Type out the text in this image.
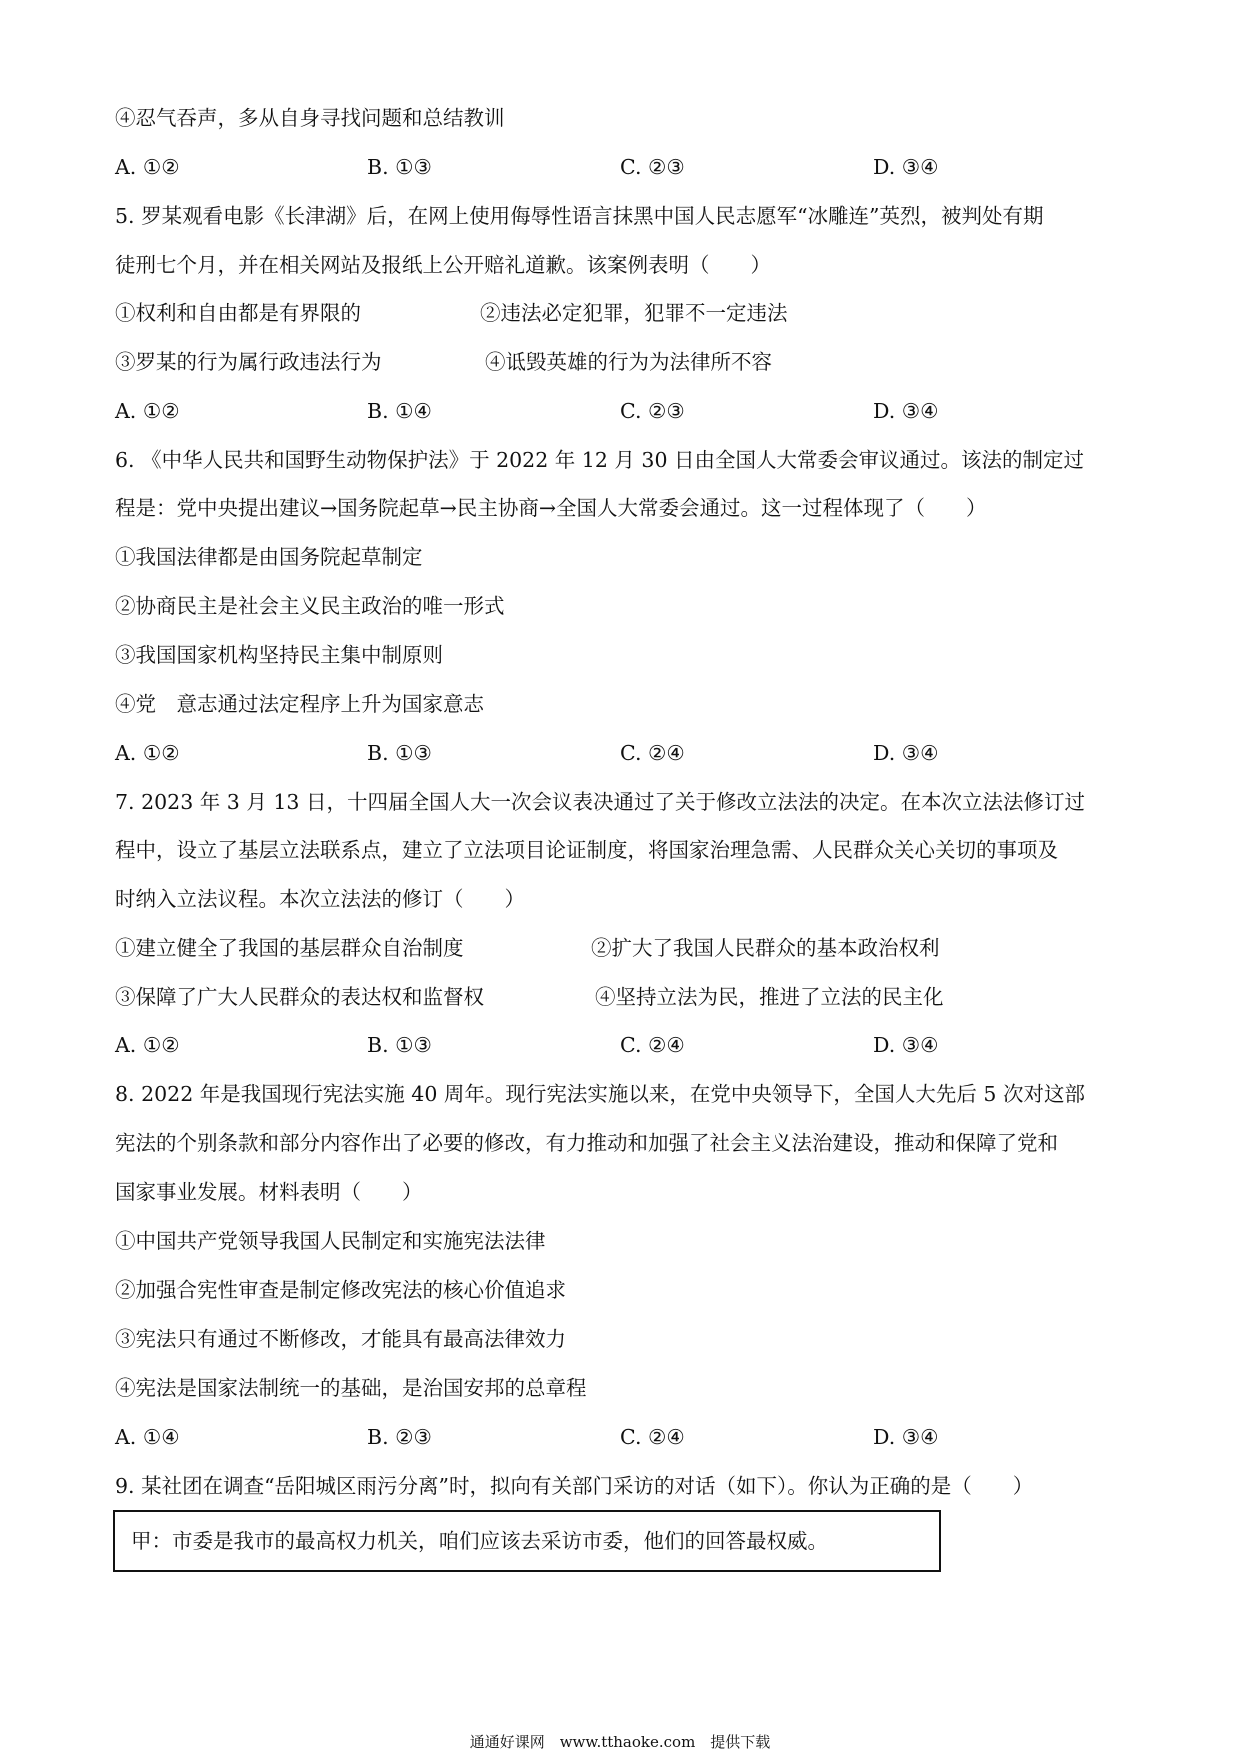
④忍气吞声，多从自身寻找问题和总结教训
A. ①②	B. ①③	C. ②③	D. ③④
5. 罗某观看电影《长津湖》后，在网上使用侮辱性语言抹黑中国人民志愿军“冰雕连”英烈，被判处有期
徒刑七个月，并在相关网站及报纸上公开赔礼道歉。该案例表明（　　）
①权利和自由都是有界限的	②违法必定犯罪，犯罪不一定违法
③罗某的行为属行政违法行为	④诋毁英雄的行为为法律所不容
A. ①②	B. ①④	C. ②③	D. ③④
6. 《中华人民共和国野生动物保护法》于 2022 年 12 月 30 日由全国人大常委会审议通过。该法的制定过
程是：党中央提出建议→国务院起草→民主协商→全国人大常委会通过。这一过程体现了（　　）
①我国法律都是由国务院起草制定
②协商民主是社会主义民主政治的唯一形式
③我国国家机构坚持民主集中制原则
④党　意志通过法定程序上升为国家意志
A. ①②	B. ①③	C. ②④	D. ③④
7. 2023 年 3 月 13 日，十四届全国人大一次会议表决通过了关于修改立法法的决定。在本次立法法修订过
程中，设立了基层立法联系点，建立了立法项目论证制度，将国家治理急需、人民群众关心关切的事项及
时纳入立法议程。本次立法法的修订（　　）
①建立健全了我国的基层群众自治制度	②扩大了我国人民群众的基本政治权利
③保障了广大人民群众的表达权和监督权	④坚持立法为民，推进了立法的民主化
A. ①②	B. ①③	C. ②④	D. ③④
8. 2022 年是我国现行宪法实施 40 周年。现行宪法实施以来，在党中央领导下，全国人大先后 5 次对这部
宪法的个别条款和部分内容作出了必要的修改，有力推动和加强了社会主义法治建设，推动和保障了党和
国家事业发展。材料表明（　　）
①中国共产党领导我国人民制定和实施宪法法律
②加强合宪性审查是制定修改宪法的核心价值追求
③宪法只有通过不断修改，才能具有最高法律效力
④宪法是国家法制统一的基础，是治国安邦的总章程
A. ①④	B. ②③	C. ②④	D. ③④
9. 某社团在调查“岳阳城区雨污分离”时，拟向有关部门采访的对话（如下）。你认为正确的是（　　）
甲：市委是我市的最高权力机关，咱们应该去采访市委，他们的回答最权威。
通通好课网　www.tthaoke.com　提供下载
